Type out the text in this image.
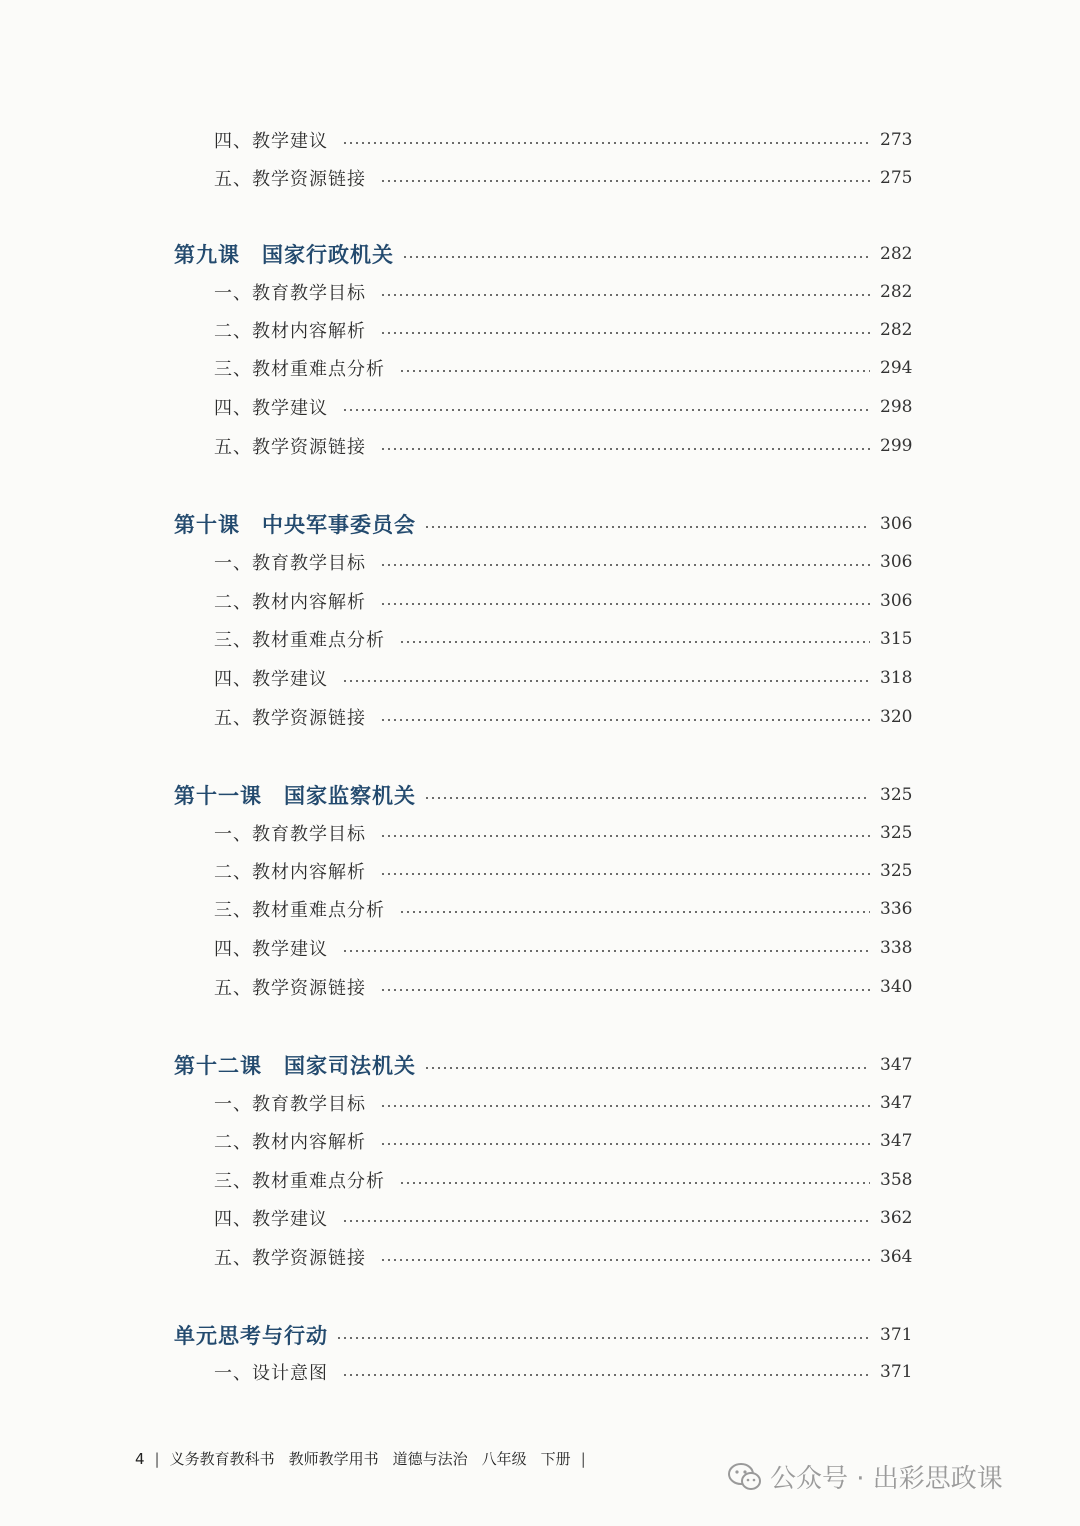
四、教学建议	273
五、教学资源链接	275
第九课 国家行政机关	282
一、教育教学目标	282
二、教材内容解析	282
三、教材重难点分析	294
四、教学建议	298
五、教学资源链接	299
第十课 中央军事委员会	306
一、教育教学目标	306
二、教材内容解析	306
三、教材重难点分析	315
四、教学建议	318
五、教学资源链接	320
第十一课 国家监察机关	325
一、教育教学目标	325
二、教材内容解析	325
三、教材重难点分析	336
四、教学建议	338
五、教学资源链接	340
第十二课 国家司法机关	347
一、教育教学目标	347
二、教材内容解析	347
三、教材重难点分析	358
四、教学建议	362
五、教学资源链接	364
单元思考与行动	371
一、设计意图	371
4 | 义务教育教科书 教师教学用书 道德与法治 八年级 下册 |
公众号 · 出彩思政课
